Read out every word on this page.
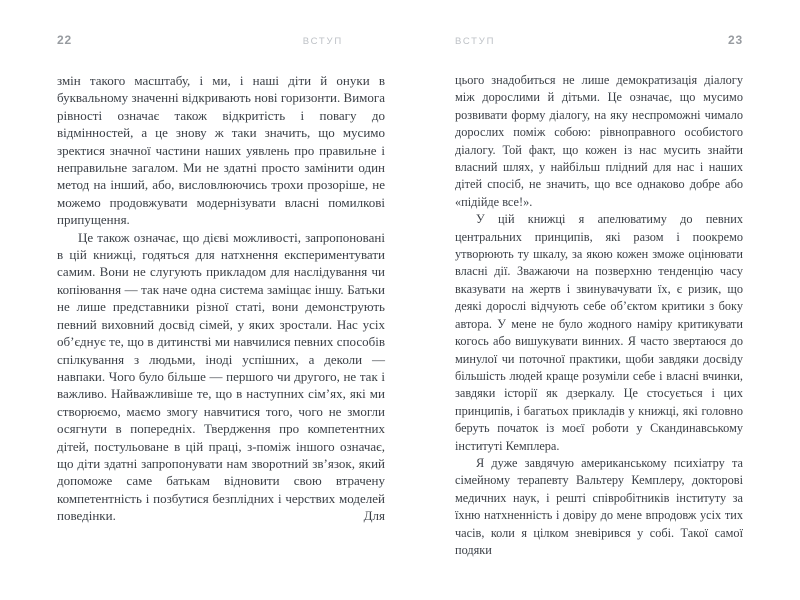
22	ВСТУП

змін такого масштабу, і ми, і наші діти й онуки в буквальному значенні відкривають нові горизонти. Вимога рівності означає також відкритість і повагу до відмінностей, а це знову ж таки значить, що мусимо зректися значної частини наших уявлень про правильне і неправильне загалом. Ми не здатні просто замінити один метод на інший, або, висловлюючись трохи прозоріше, не можемо продовжувати модернізувати власні помилкові припущення.

Це також означає, що дієві можливості, запропоновані в цій книжці, годяться для натхнення експериментувати самим. Вони не слугують прикладом для наслідування чи копіювання — так наче одна система заміщає іншу. Батьки не лише представники різної статі, вони демонструють певний виховний досвід сімей, у яких зростали. Нас усіх об’єднує те, що в дитинстві ми навчилися певних способів спілкування з людьми, іноді успішних, а деколи — навпаки. Чого було більше — першого чи другого, не так і важливо. Найважливіше те, що в наступних сім’ях, які ми створюємо, маємо змогу навчитися того, чого не змогли осягнути в попередніх. Твердження про компетентних дітей, постульоване в цій праці, з-поміж іншого означає, що діти здатні запропонувати нам зворотний зв’язок, який допоможе саме батькам відновити свою втрачену компетентність і позбутися безплідних і черствих моделей поведінки. Для

ВСТУП	23

цього знадобиться не лише демократизація діалогу між дорослими й дітьми. Це означає, що мусимо розвивати форму діалогу, на яку неспроможні чимало дорослих поміж собою: рівноправного особистого діалогу. Той факт, що кожен із нас мусить знайти власний шлях, у найбільш плідний для нас і наших дітей спосіб, не значить, що все однаково добре або «підійде все!».

У цій книжці я апелюватиму до певних центральних принципів, які разом і поокремо утворюють ту шкалу, за якою кожен зможе оцінювати власні дії. Зважаючи на позверхню тенденцію часу вказувати на жертв і звинувачувати їх, є ризик, що деякі дорослі відчують себе об’єктом критики з боку автора. У мене не було жодного наміру критикувати когось або вишукувати винних. Я часто звертаюся до минулої чи поточної практики, щоби завдяки досвіду більшість людей краще розуміли себе і власні вчинки, завдяки історії як дзеркалу. Це стосується і цих принципів, і багатьох прикладів у книжці, які головно беруть початок із моєї роботи у Скандинавському інституті Кемплера.

Я дуже завдячую американському психіатру та сімейному терапевту Вальтеру Кемплеру, докторові медичних наук, і решті співробітників інституту за їхню натхненність і довіру до мене впродовж усіх тих часів, коли я цілком зневірився у собі. Такої самої подяки
